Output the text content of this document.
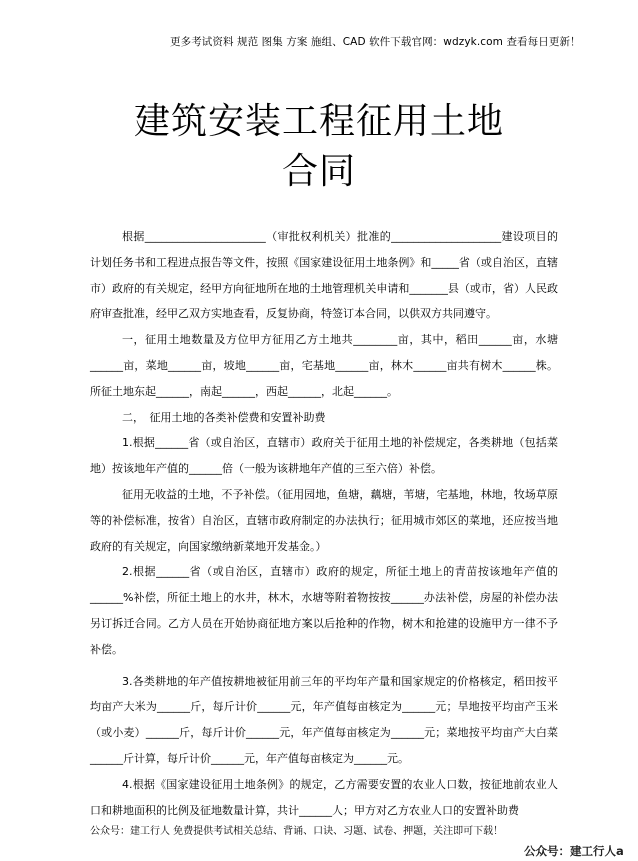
更多考试资料 规范 图集 方案 施组、CAD 软件下载官网：wdzyk.com 查看每日更新！
建筑安装工程征用土地
合同

根据______________________（审批权利机关）批准的____________________建设项目的计划任务书和工程进点报告等文件，按照《国家建设征用土地条例》和_____省（或自治区，直辖市）政府的有关规定，经甲方向征地所在地的土地管理机关申请和_______县（或市，省）人民政府审查批准，经甲乙双方实地查看，反复协商，特签订本合同，以供双方共同遵守。

一，征用土地数量及方位甲方征用乙方土地共________亩，其中，稻田______亩，水塘______亩，菜地______亩，坡地______亩，宅基地______亩，林木______亩共有树木______株。所征土地东起______，南起______，西起______，北起______。

二，　征用土地的各类补偿费和安置补助费

1.根据______省（或自治区，直辖市）政府关于征用土地的补偿规定，各类耕地（包括菜地）按该地年产值的______倍（一般为该耕地年产值的三至六倍）补偿。

征用无收益的土地，不予补偿。（征用园地，鱼塘，藕塘，苇塘，宅基地，林地，牧场草原等的补偿标准，按省）自治区，直辖市政府制定的办法执行；征用城市郊区的菜地，还应按当地政府的有关规定，向国家缴纳新菜地开发基金。）

2.根据______省（或自治区，直辖市）政府的规定，所征土地上的青苗按该地年产值的______%补偿，所征土地上的水井，林木，水塘等附着物按按______办法补偿，房屋的补偿办法另订拆迁合同。乙方人员在开始协商征地方案以后抢种的作物，树木和抢建的设施甲方一律不予补偿。

3.各类耕地的年产值按耕地被征用前三年的平均年产量和国家规定的价格核定，稻田按平均亩产大米为______斤，每斤计价______元，年产值每亩核定为______元；旱地按平均亩产玉米（或小麦）______斤，每斤计价______元，年产值每亩核定为______元；菜地按平均亩产大白菜______斤计算，每斤计价______元，年产值每亩核定为______元。

4.根据《国家建设征用土地条例》的规定，乙方需要安置的农业人口数，按征地前农业人口和耕地面积的比例及征地数量计算，共计______人；甲方对乙方农业人口的安置补助费

公众号：建工行人 免费提供考试相关总结、背诵、口诀、习题、试卷、押题，关注即可下载！
公众号：建工行人a
